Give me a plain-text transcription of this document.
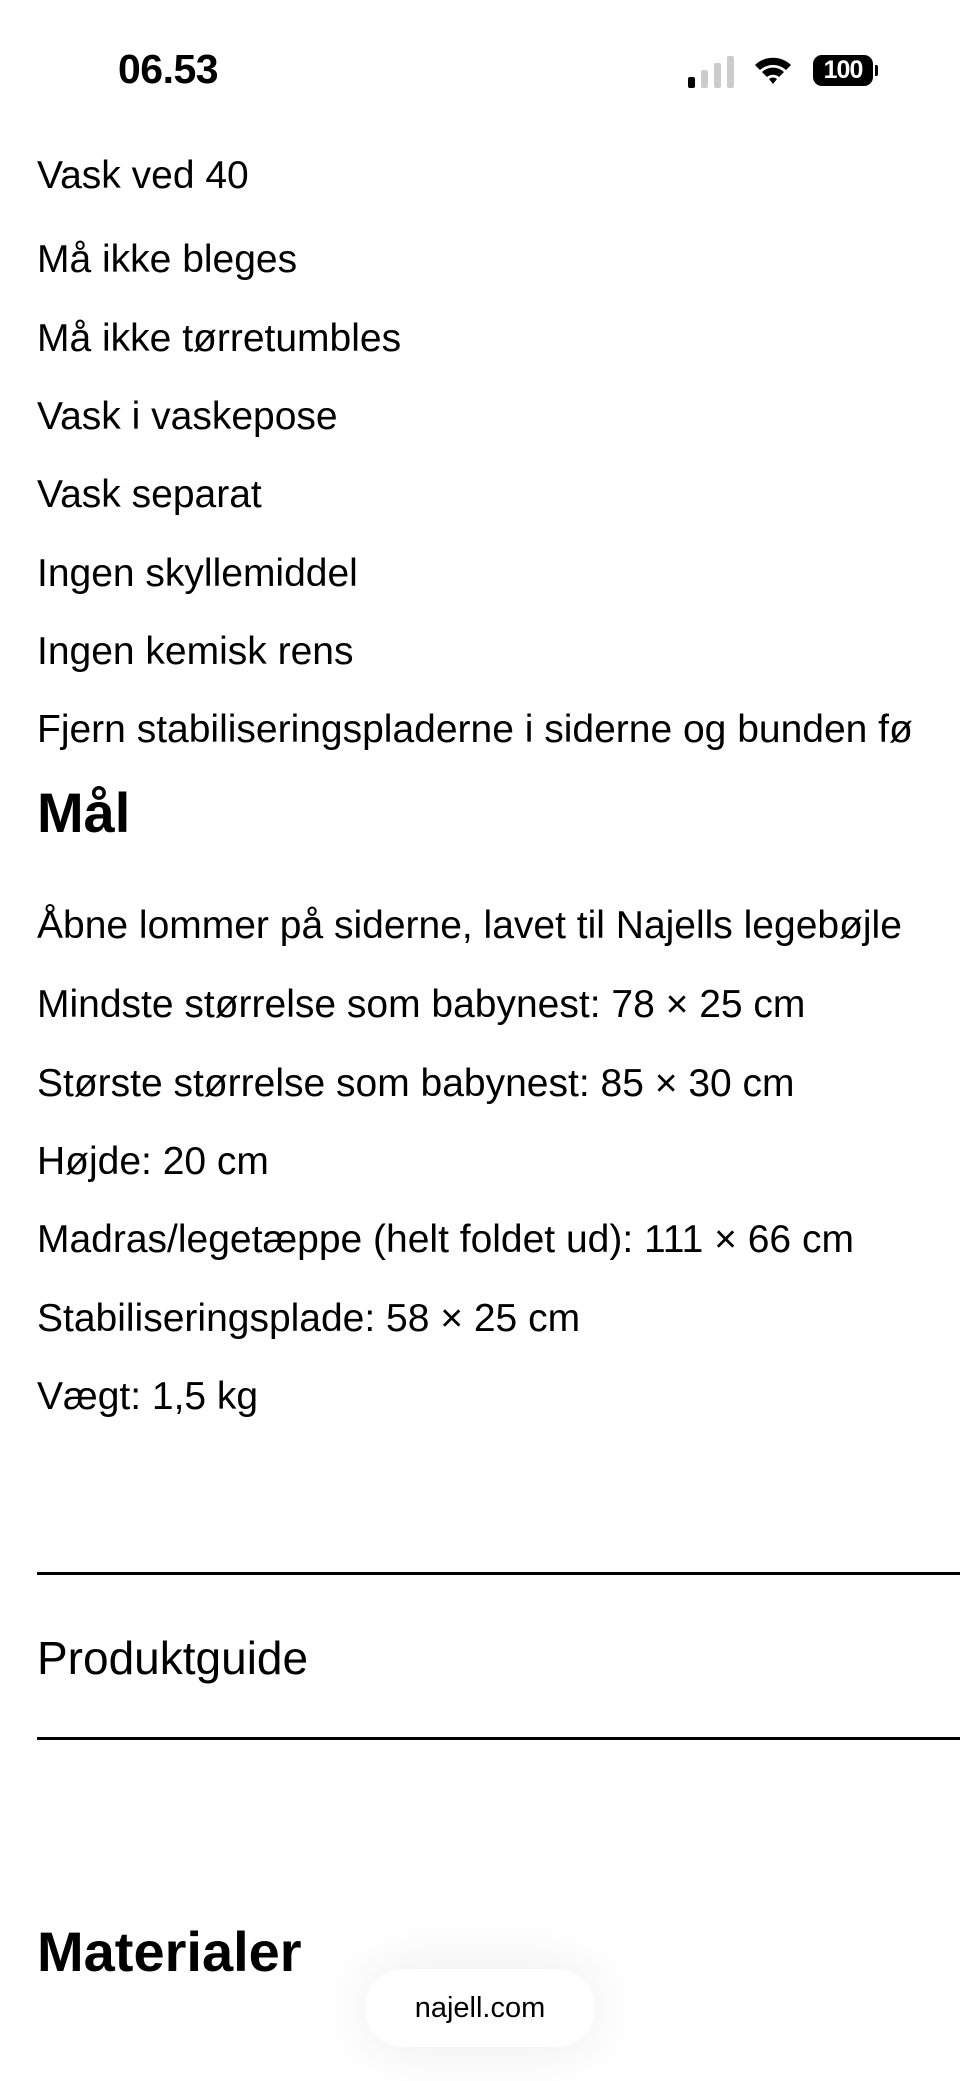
06.53	100
Vask ved 40
Må ikke bleges
Må ikke tørretumbles
Vask i vaskepose
Vask separat
Ingen skyllemiddel
Ingen kemisk rens
Fjern stabiliseringspladerne i siderne og bunden fø
Mål
Åbne lommer på siderne, lavet til Najells legebøjle
Mindste størrelse som babynest: 78 × 25 cm
Største størrelse som babynest: 85 × 30 cm
Højde: 20 cm
Madras/legetæppe (helt foldet ud): 111 × 66 cm
Stabiliseringsplade: 58 × 25 cm
Vægt: 1,5 kg
Produktguide
Materialer
najell.com
